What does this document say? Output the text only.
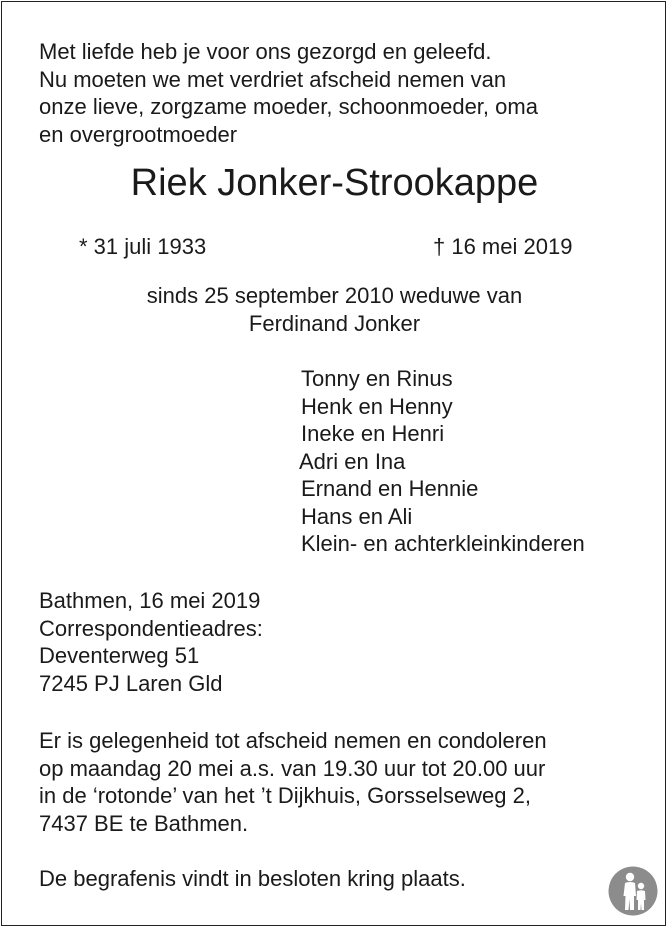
Met liefde heb je voor ons gezorgd en geleefd.
Nu moeten we met verdriet afscheid nemen van
onze lieve, zorgzame moeder, schoonmoeder, oma
en overgrootmoeder
Riek Jonker-Strookappe
* 31 juli 1933	† 16 mei 2019
sinds 25 september 2010 weduwe van
Ferdinand Jonker
Tonny en Rinus
Henk en Henny
Ineke en Henri
Adri en Ina
Ernand en Hennie
Hans en Ali
Klein- en achterkleinkinderen
Bathmen, 16 mei 2019
Correspondentieadres:
Deventerweg 51
7245 PJ Laren Gld
Er is gelegenheid tot afscheid nemen en condoleren
op maandag 20 mei a.s. van 19.30 uur tot 20.00 uur
in de ‘rotonde’ van het ’t Dijkhuis, Gorsselseweg 2,
7437 BE te Bathmen.
De begrafenis vindt in besloten kring plaats.
